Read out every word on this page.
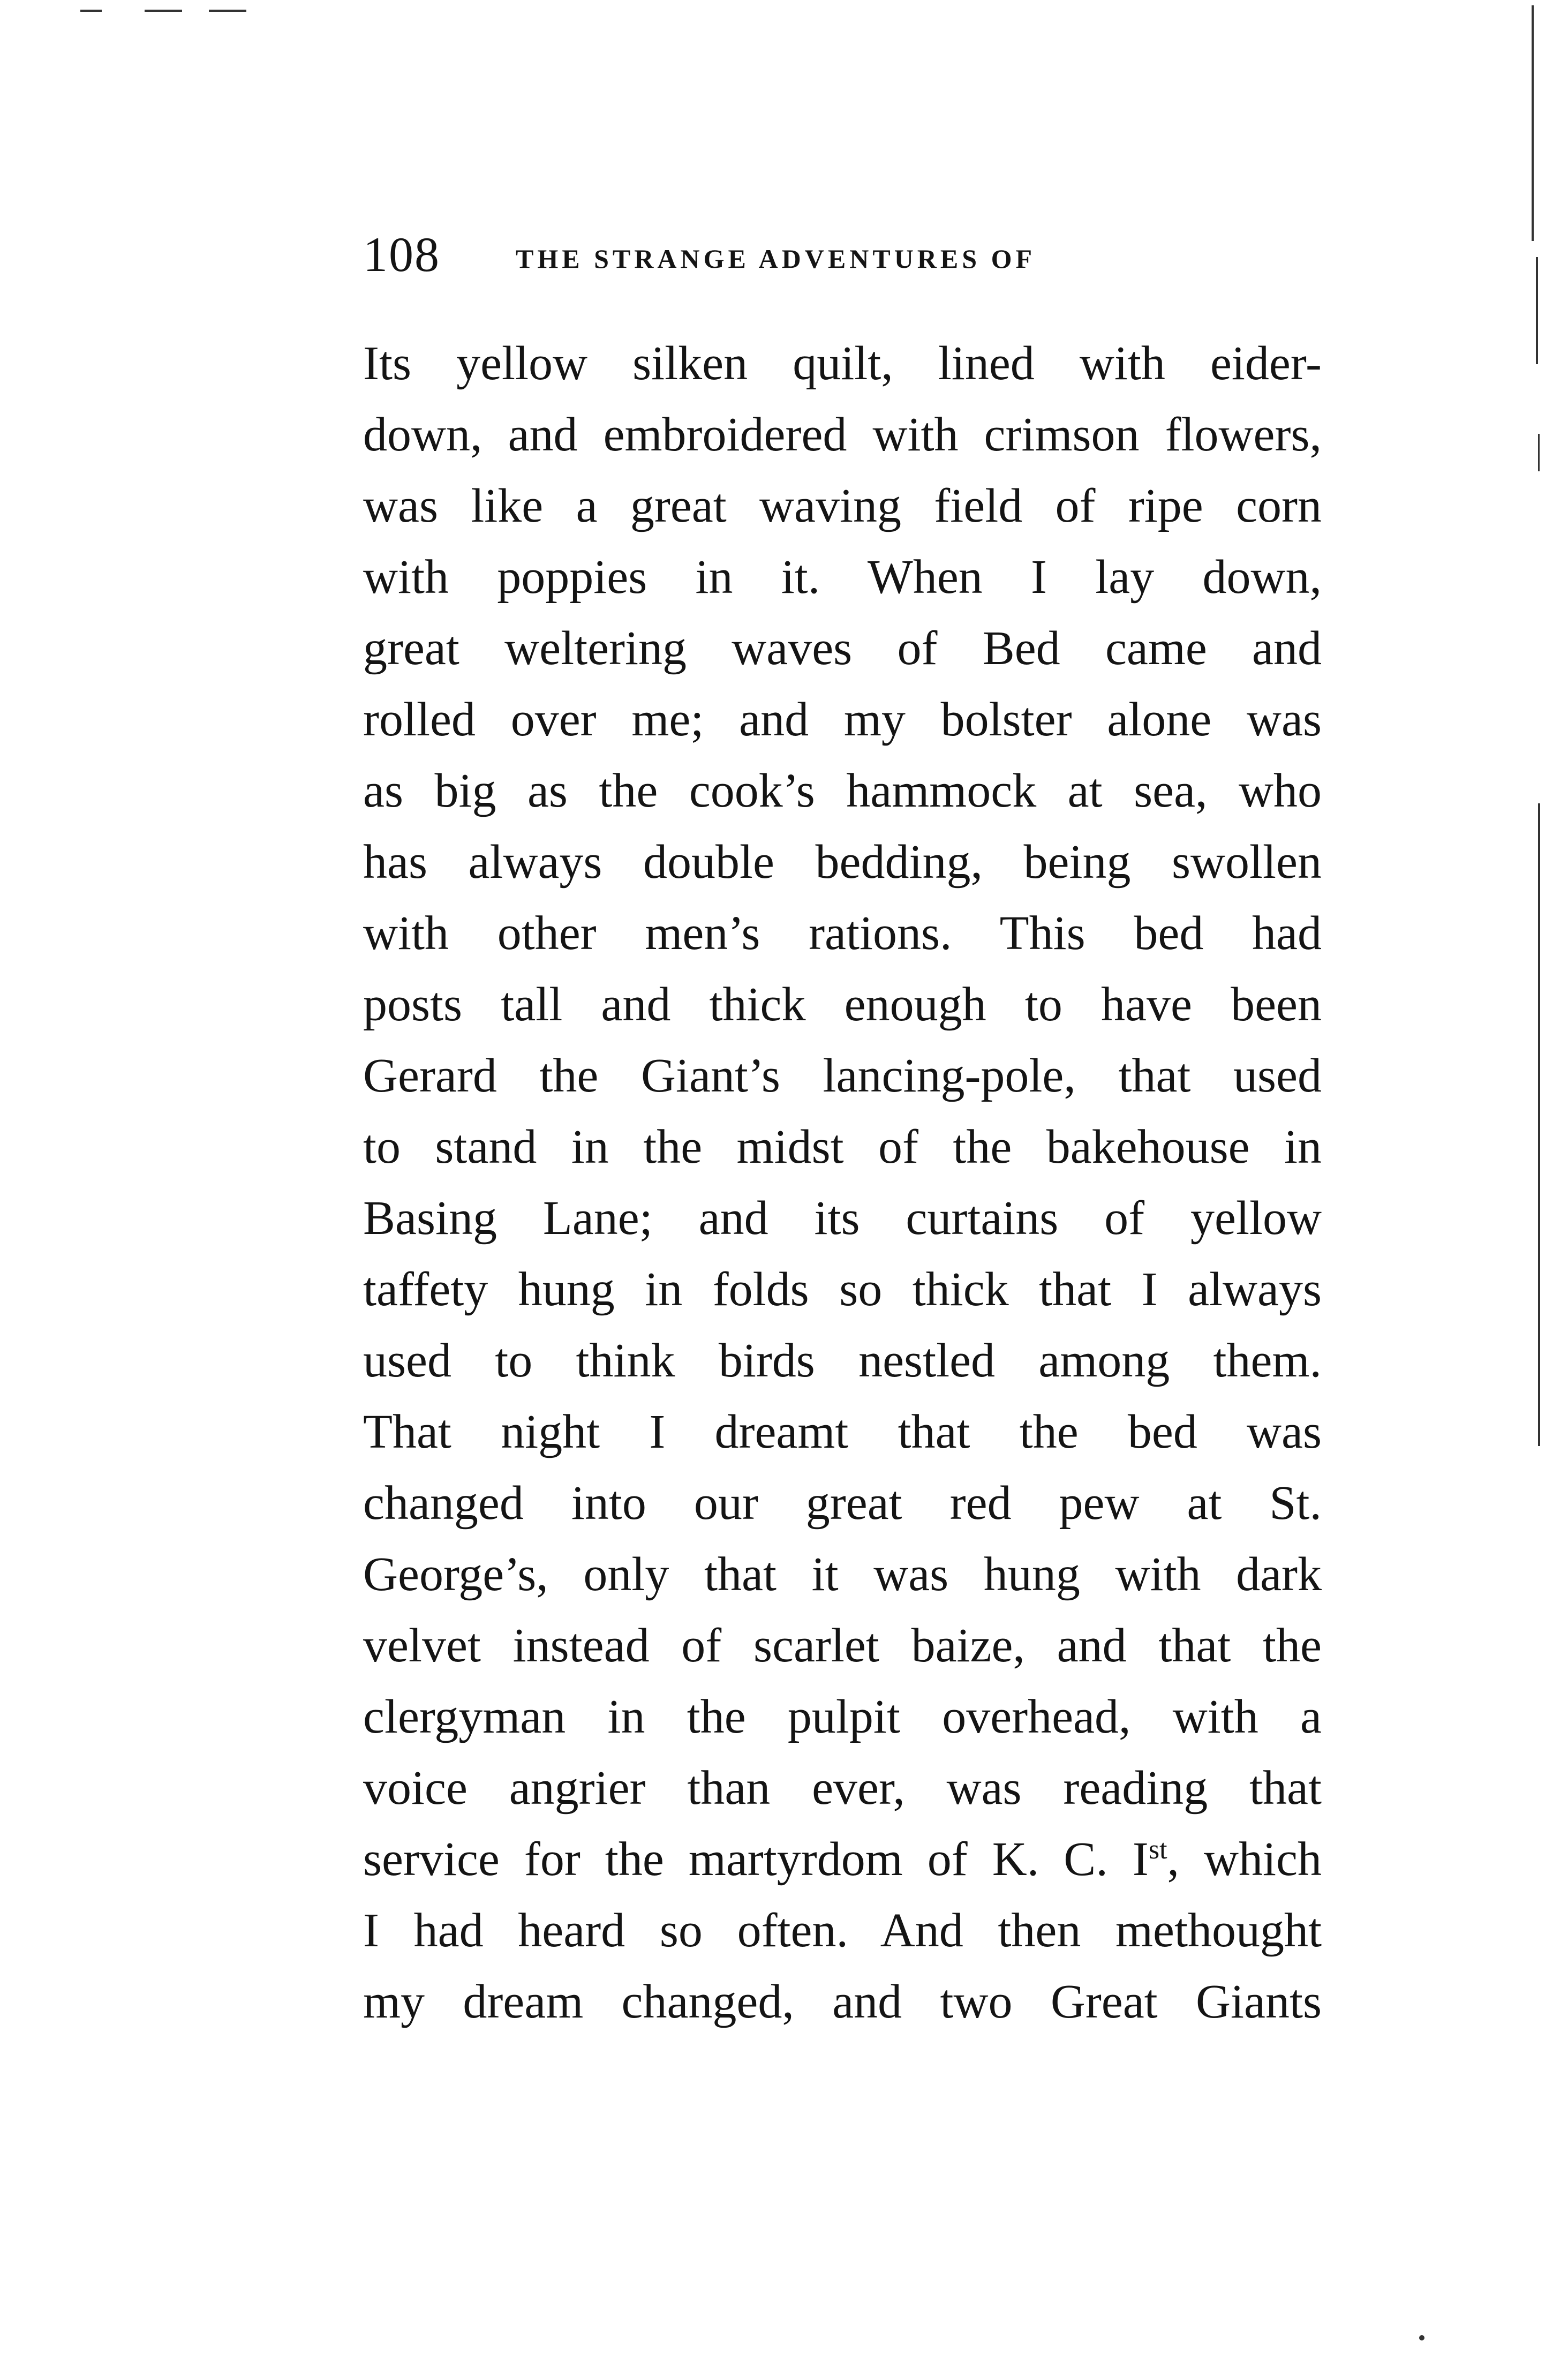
108	THE STRANGE ADVENTURES OF
Its yellow silken quilt, lined with eider-
down, and embroidered with crimson flowers,
was like a great waving field of ripe corn
with poppies in it. When I lay down,
great weltering waves of Bed came and
rolled over me; and my bolster alone was
as big as the cook’s hammock at sea, who
has always double bedding, being swollen
with other men’s rations. This bed had
posts tall and thick enough to have been
Gerard the Giant’s lancing-pole, that used
to stand in the midst of the bakehouse in
Basing Lane; and its curtains of yellow
taffety hung in folds so thick that I always
used to think birds nestled among them.
That night I dreamt that the bed was
changed into our great red pew at St.
George’s, only that it was hung with dark
velvet instead of scarlet baize, and that the
clergyman in the pulpit overhead, with a
voice angrier than ever, was reading that
service for the martyrdom of K. C. Ist, which
I had heard so often. And then methought
my dream changed, and two Great Giants
